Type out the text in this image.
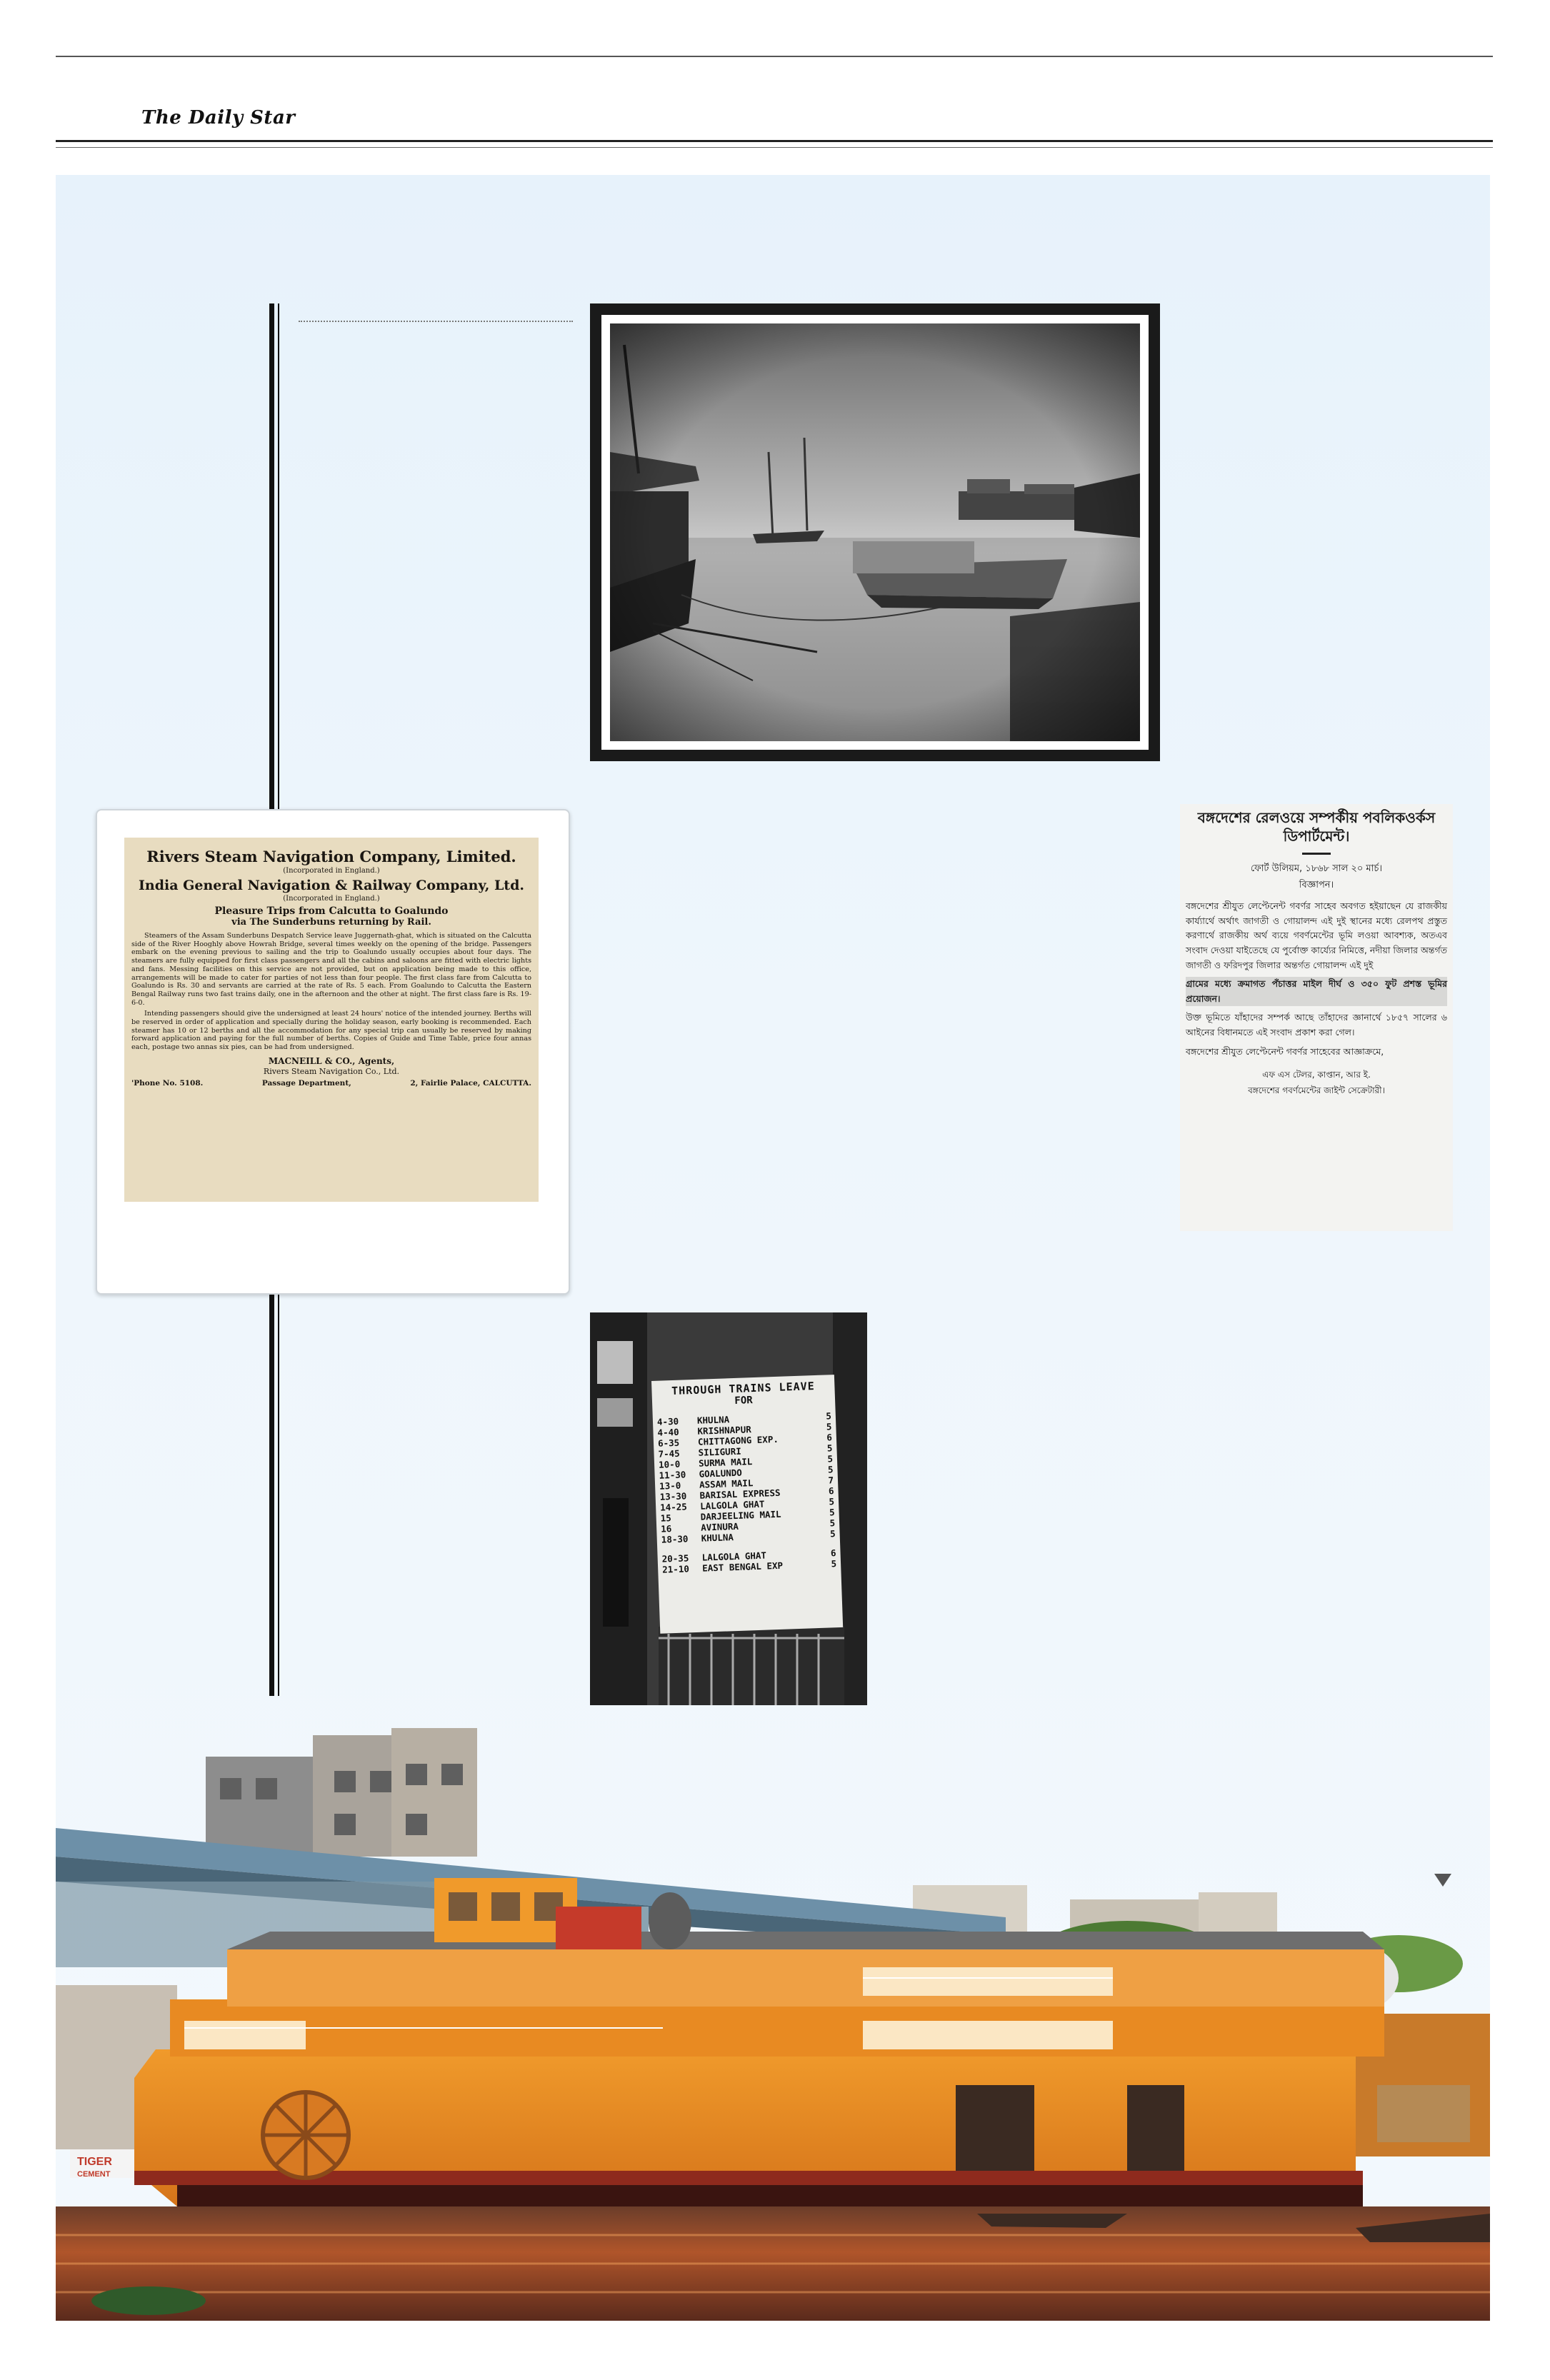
The Daily Star

Rivers Steam Navigation Company, Limited.

(Incorporated in England.)

India General Navigation & Railway Company, Ltd.

(Incorporated in England.)

Pleasure Trips from Calcutta to Goalundo

via The Sunderbuns returning by Rail.

Steamers of the Assam Sunderbuns Despatch Service leave Juggernath-ghat, which is situated on the Calcutta side of the River Hooghly above Howrah Bridge, several times weekly on the opening of the bridge. Passengers embark on the evening previous to sailing and the trip to Goalundo usually occupies about four days. The steamers are fully equipped for first class passengers and all the cabins and saloons are fitted with electric lights and fans. Messing facilities on this service are not provided, but on application being made to this office, arrangements will be made to cater for parties of not less than four people. The first class fare from Calcutta to Goalundo is Rs. 30 and servants are carried at the rate of Rs. 5 each. From Goalundo to Calcutta the Eastern Bengal Railway runs two fast trains daily, one in the afternoon and the other at night. The first class fare is Rs. 19-6-0.

Intending passengers should give the undersigned at least 24 hours' notice of the intended journey. Berths will be reserved in order of application and specially during the holiday season, early booking is recommended. Each steamer has 10 or 12 berths and all the accommodation for any special trip can usually be reserved by making forward application and paying for the full number of berths. Copies of Guide and Time Table, price four annas each, postage two annas six pies, can be had from undersigned.

MACNEILL & CO., Agents,

Rivers Steam Navigation Co., Ltd.

'Phone No. 5108.	Passage Department,	2, Fairlie Palace, CALCUTTA.

বঙ্গদেশের রেলওয়ে সম্পর্কীয় পবলিকওর্কস

ডিপার্টমেন্ট।

ফোর্ট উলিয়ম, ১৮৬৮ সাল ২০ মার্চ।

বিজ্ঞাপন।

বঙ্গদেশের শ্রীযুত লেপ্টেনেন্ট গবর্ণর সাহেব অবগত হইয়াছেন যে রাজকীয় কার্য্যার্থে অর্থাৎ জাগতী ও গোয়ালন্দ এই দুই স্থানের মধ্যে রেলপথ প্রস্তুত করণার্থে রাজকীয় অর্থ ব্যয়ে গবর্ণমেন্টের ভূমি লওয়া আবশ্যক, অতএব সংবাদ দেওয়া যাইতেছে যে পুর্বোক্ত কার্য্যের নিমিত্তে, নদীয়া জিলার অন্তর্গত জাগতী ও ফরিদপুর জিলার অন্তর্গত গোয়ালন্দ এই দুই

গ্রামের মধ্যে ক্রমাগত পঁচাত্তর মাইল দীর্ঘ ও ৩৫০ ফুট প্রশস্ত ভূমির প্রয়োজন।

উক্ত ভূমিতে যাঁহাদের সম্পর্ক আছে তাঁহাদের জ্ঞানার্থে ১৮৫৭ সালের ৬ আইনের বিধানমতে এই সংবাদ প্রকাশ করা গেল।

বঙ্গদেশের শ্রীযুত লেপ্টেনেন্ট গবর্ণর সাহেবের আজ্ঞাক্রমে,

এফ এস টেলর, কাপ্তান, আর ই.

বঙ্গদেশের গবর্ণমেন্টের জাইন্ট সেক্রেটারী।

THROUGH TRAINS LEAVE

FOR

4-30	KHULNA	5
4-40	KRISHNAPUR	5
6-35	CHITTAGONG EXP.	6
7-45	SILIGURI	5
10-0	SURMA MAIL	5
11-30	GOALUNDO	5
13-0	ASSAM MAIL	7
13-30	BARISAL EXPRESS	6
14-25	LALGOLA GHAT	5
15	DARJEELING MAIL	5
16	AVINURA	5
18-30	KHULNA	5
20-35	LALGOLA GHAT	6
21-10	EAST BENGAL EXP	5
TIGER
CEMENT
